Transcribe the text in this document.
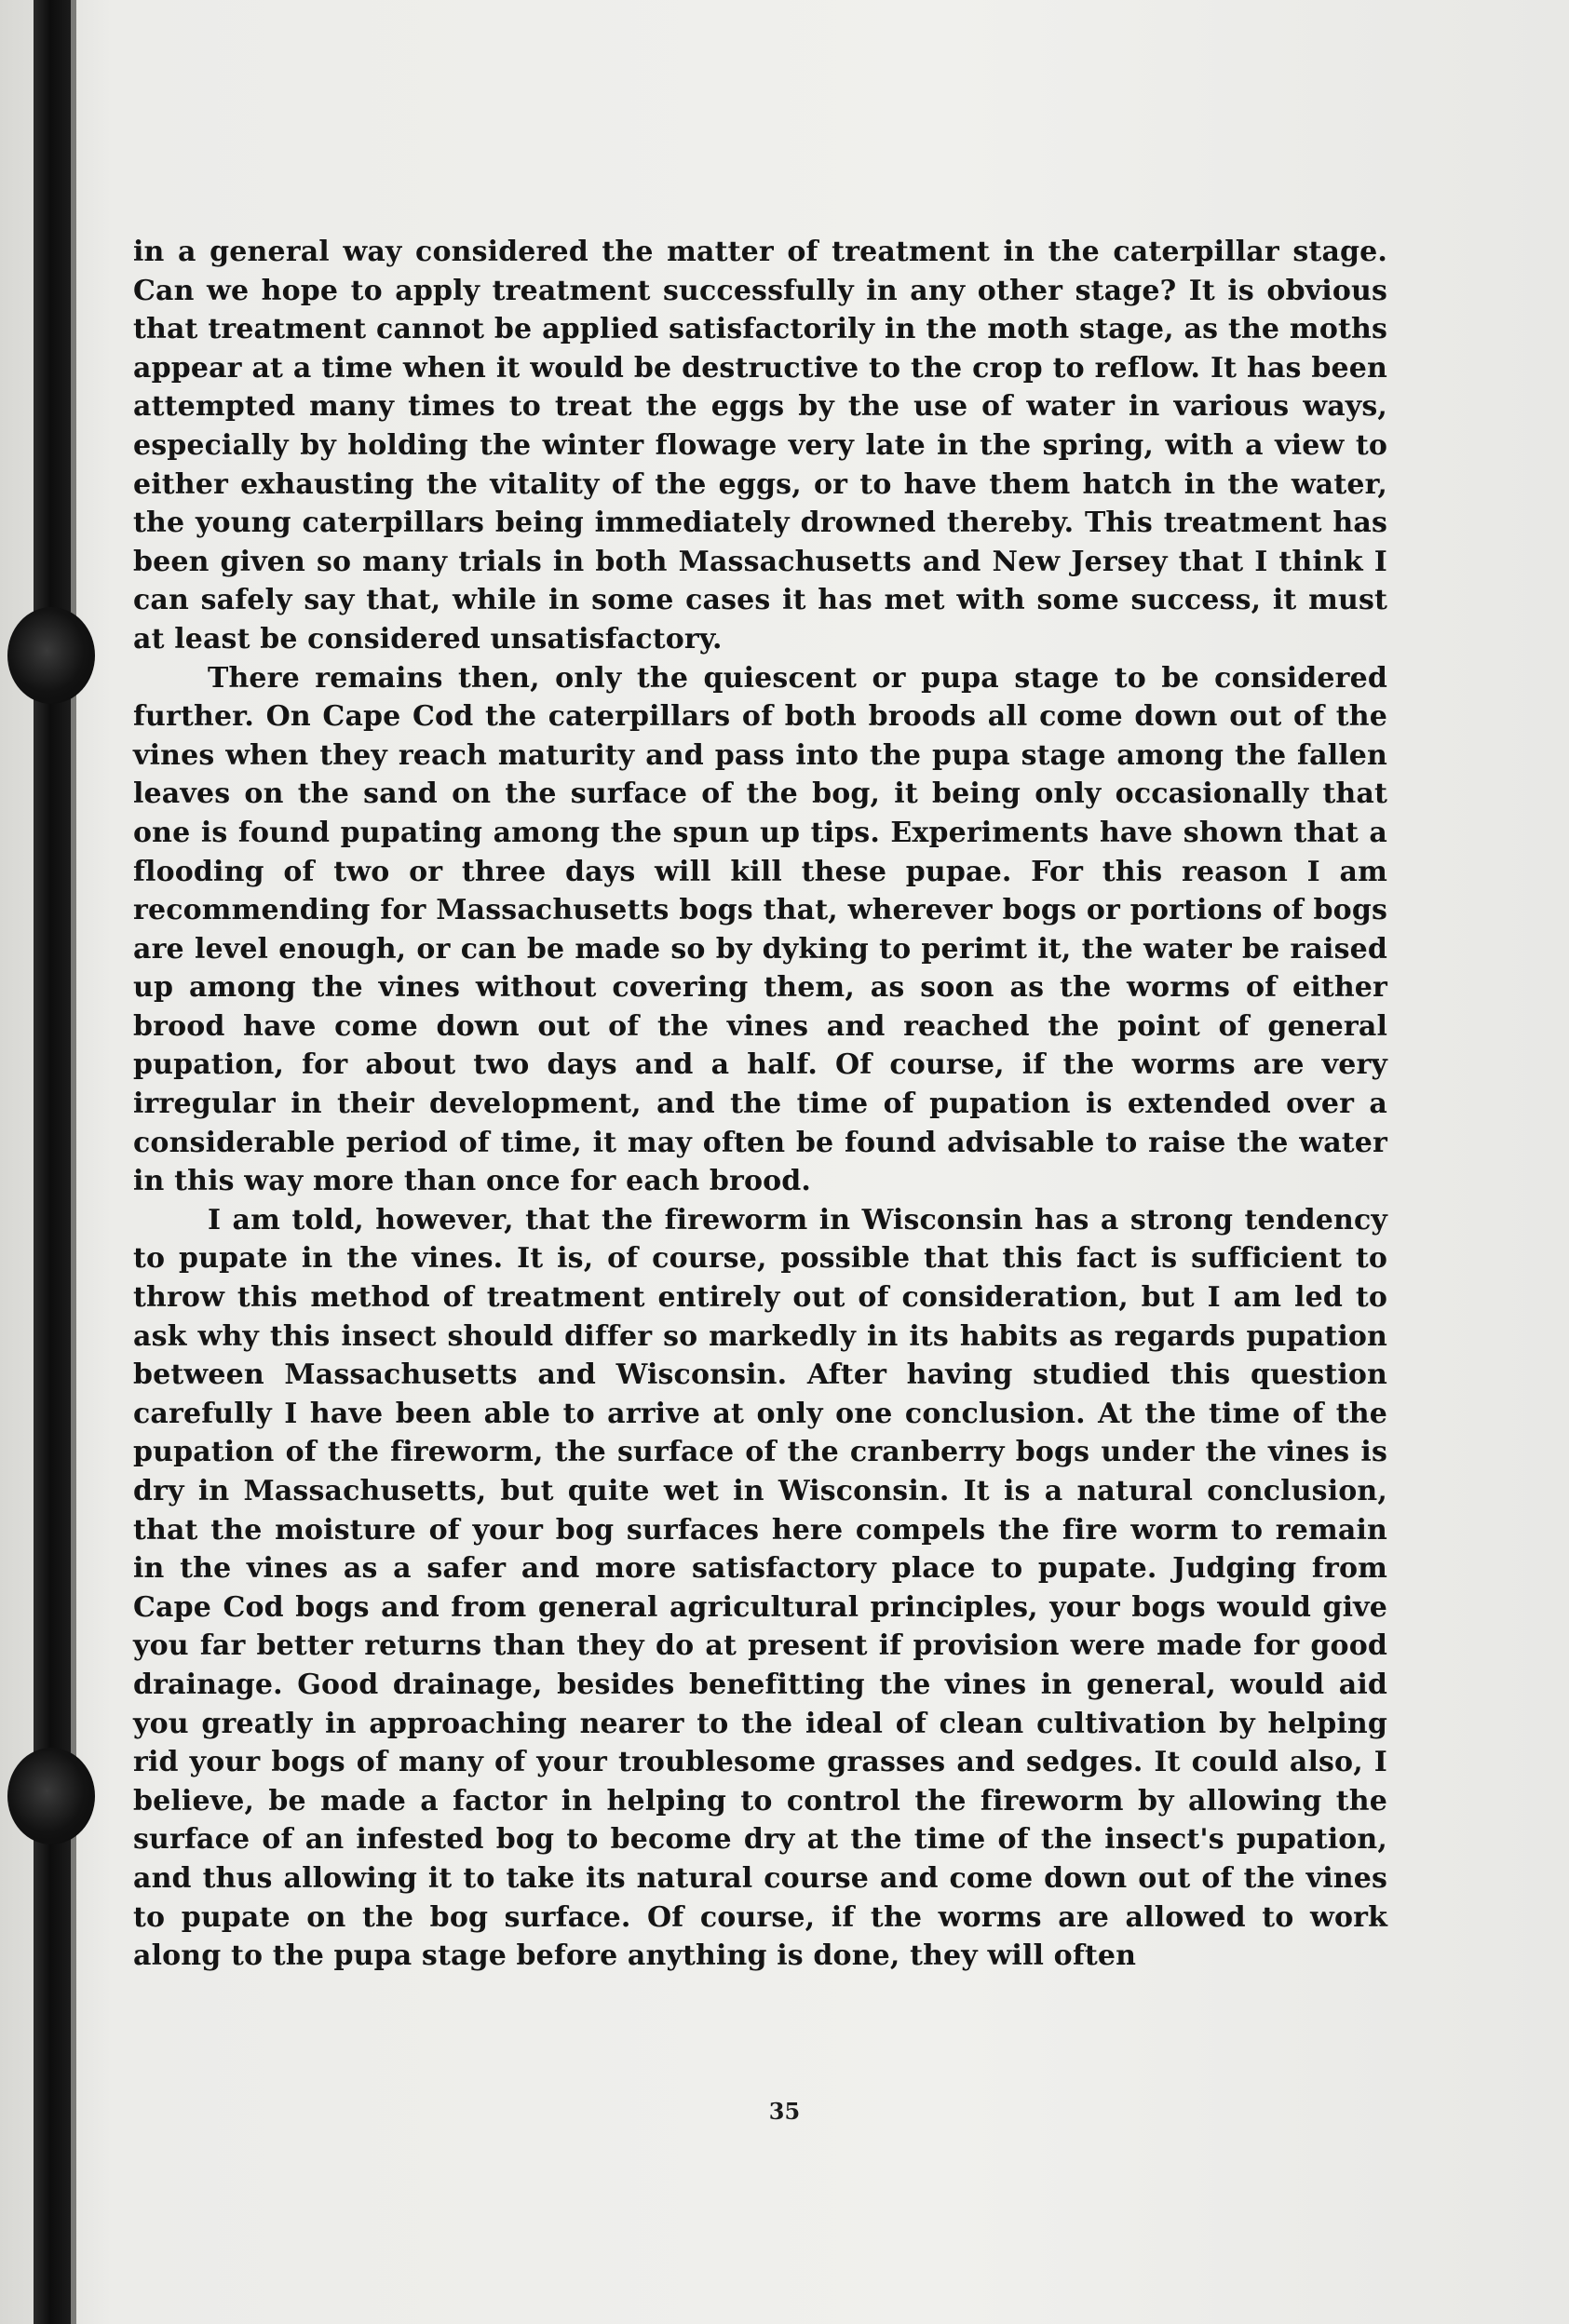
in a general way considered the matter of treatment in the caterpillar stage. Can we hope to apply treatment successfully in any other stage? It is obvious that treatment cannot be applied satisfactorily in the moth stage, as the moths appear at a time when it would be destructive to the crop to reflow. It has been attempted many times to treat the eggs by the use of water in various ways, especially by holding the winter flowage very late in the spring, with a view to either exhausting the vitality of the eggs, or to have them hatch in the water, the young caterpillars being immediately drowned thereby. This treatment has been given so many trials in both Massachusetts and New Jersey that I think I can safely say that, while in some cases it has met with some success, it must at least be considered unsatisfactory.

There remains then, only the quiescent or pupa stage to be considered further. On Cape Cod the caterpillars of both broods all come down out of the vines when they reach maturity and pass into the pupa stage among the fallen leaves on the sand on the surface of the bog, it being only occasionally that one is found pupating among the spun up tips. Experiments have shown that a flooding of two or three days will kill these pupae. For this reason I am recommending for Massachusetts bogs that, wherever bogs or portions of bogs are level enough, or can be made so by dyking to perimt it, the water be raised up among the vines without covering them, as soon as the worms of either brood have come down out of the vines and reached the point of general pupation, for about two days and a half. Of course, if the worms are very irregular in their development, and the time of pupation is extended over a considerable period of time, it may often be found advisable to raise the water in this way more than once for each brood.

I am told, however, that the fireworm in Wisconsin has a strong tendency to pupate in the vines. It is, of course, possible that this fact is sufficient to throw this method of treatment entirely out of consideration, but I am led to ask why this insect should differ so markedly in its habits as regards pupation between Massachusetts and Wisconsin. After having studied this question carefully I have been able to arrive at only one conclusion. At the time of the pupation of the fireworm, the surface of the cranberry bogs under the vines is dry in Massachusetts, but quite wet in Wisconsin. It is a natural conclusion, that the moisture of your bog surfaces here compels the fire worm to remain in the vines as a safer and more satisfactory place to pupate. Judging from Cape Cod bogs and from general agricultural principles, your bogs would give you far better returns than they do at present if provision were made for good drainage. Good drainage, besides benefitting the vines in general, would aid you greatly in approaching nearer to the ideal of clean cultivation by helping rid your bogs of many of your troublesome grasses and sedges. It could also, I believe, be made a factor in helping to control the fireworm by allowing the surface of an infested bog to become dry at the time of the insect's pupation, and thus allowing it to take its natural course and come down out of the vines to pupate on the bog surface. Of course, if the worms are allowed to work along to the pupa stage before anything is done, they will often

35
